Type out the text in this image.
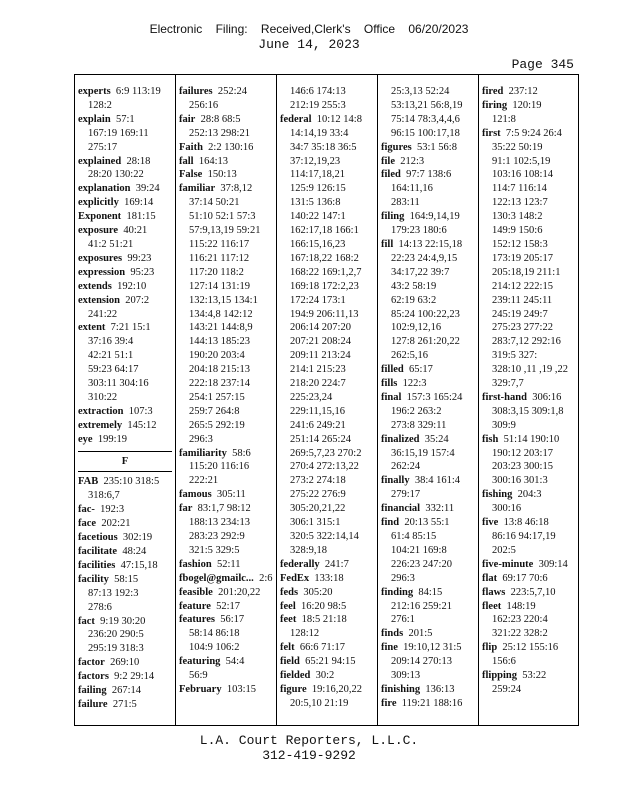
Electronic Filing: Received,Clerk's Office 06/20/2023
June 14, 2023
Page 345
experts 6:9 113:19
128:2
explain 57:1
167:19 169:11
275:17
explained 28:18
28:20 130:22
explanation 39:24
explicitly 169:14
Exponent 181:15
exposure 40:21
41:2 51:21
exposures 99:23
expression 95:23
extends 192:10
extension 207:2
241:22
extent 7:21 15:1
37:16 39:4
42:21 51:1
59:23 64:17
303:11 304:16
310:22
extraction 107:3
extremely 145:12
eye 199:19
F
FAB 235:10 318:5
318:6,7
fac- 192:3
face 202:21
facetious 302:19
facilitate 48:24
facilities 47:15,18
facility 58:15
87:13 192:3
278:6
fact 9:19 30:20
236:20 290:5
295:19 318:3
factor 269:10
factors 9:2 29:14
failing 267:14
failure 271:5
failures 252:24
256:16
fair 28:8 68:5
252:13 298:21
Faith 2:2 130:16
fall 164:13
False 150:13
familiar 37:8,12
37:14 50:21
51:10 52:1 57:3
57:9,13,19 59:21
115:22 116:17
116:21 117:12
117:20 118:2
127:14 131:19
132:13,15 134:1
134:4,8 142:12
143:21 144:8,9
144:13 185:23
190:20 203:4
204:18 215:13
222:18 237:14
254:1 257:15
259:7 264:8
265:5 292:19
296:3
familiarity 58:6
115:20 116:16
222:21
famous 305:11
far 83:1,7 98:12
188:13 234:13
283:23 292:9
321:5 329:5
fashion 52:11
fbogel@gmailc... 2:6
feasible 201:20,22
feature 52:17
features 56:17
58:14 86:18
104:9 106:2
featuring 54:4
56:9
February 103:15
146:6 174:13
212:19 255:3
federal 10:12 14:8
14:14,19 33:4
34:7 35:18 36:5
37:12,19,23
114:17,18,21
125:9 126:15
131:5 136:8
140:22 147:1
162:17,18 166:1
166:15,16,23
167:18,22 168:2
168:22 169:1,2,7
169:18 172:2,23
172:24 173:1
194:9 206:11,13
206:14 207:20
207:21 208:24
209:11 213:24
214:1 215:23
218:20 224:7
225:23,24
229:11,15,16
241:6 249:21
251:14 265:24
269:5,7,23 270:2
270:4 272:13,22
273:2 274:18
275:22 276:9
305:20,21,22
306:1 315:1
320:5 322:14,14
328:9,18
federally 241:7
FedEx 133:18
feds 305:20
feel 16:20 98:5
feet 18:5 21:18
128:12
felt 66:6 71:17
field 65:21 94:15
fielded 30:2
figure 19:16,20,22
20:5,10 21:19
25:3,13 52:24
53:13,21 56:8,19
75:14 78:3,4,4,6
96:15 100:17,18
figures 53:1 56:8
file 212:3
filed 97:7 138:6
164:11,16
283:11
filing 164:9,14,19
179:23 180:6
fill 14:13 22:15,18
22:23 24:4,9,15
34:17,22 39:7
43:2 58:19
62:19 63:2
85:24 100:22,23
102:9,12,16
127:8 261:20,22
262:5,16
filled 65:17
fills 122:3
final 157:3 165:24
196:2 263:2
273:8 329:11
finalized 35:24
36:15,19 157:4
262:24
finally 38:4 161:4
279:17
financial 332:11
find 20:13 55:1
61:4 85:15
104:21 169:8
226:23 247:20
296:3
finding 84:15
212:16 259:21
276:1
finds 201:5
fine 19:10,12 31:5
209:14 270:13
309:13
finishing 136:13
fire 119:21 188:16
fired 237:12
firing 120:19
121:8
first 7:5 9:24 26:4
35:22 50:19
91:1 102:5,19
103:16 108:14
114:7 116:14
122:13 123:7
130:3 148:2
149:9 150:6
152:12 158:3
173:19 205:17
205:18,19 211:1
214:12 222:15
239:11 245:11
245:19 249:7
275:23 277:22
283:7,12 292:16
319:5 327:
328:10 ,11 ,19 ,22
329:7,7
first-hand 306:16
308:3,15 309:1,8
309:9
fish 51:14 190:10
190:12 203:17
203:23 300:15
300:16 301:3
fishing 204:3
300:16
five 13:8 46:18
86:16 94:17,19
202:5
five-minute 309:14
flat 69:17 70:6
flaws 223:5,7,10
fleet 148:19
162:23 220:4
321:22 328:2
flip 25:12 155:16
156:6
flipping 53:22
259:24
L.A. Court Reporters, L.L.C.
312-419-9292
